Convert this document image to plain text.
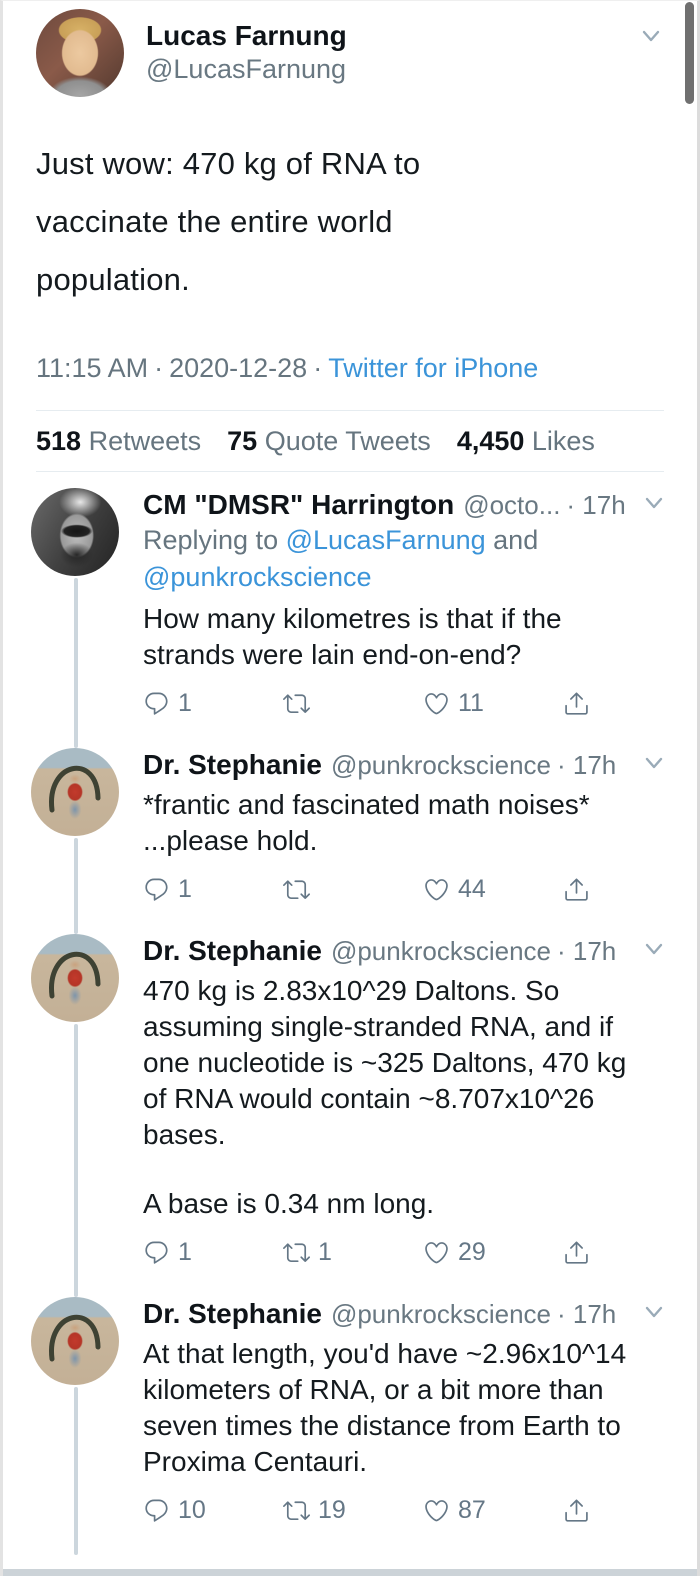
Lucas Farnung
@LucasFarnung
Just wow: 470 kg of RNA to vaccinate the entire world population.
11:15 AM · 2020-12-28 · Twitter for iPhone
518 Retweets 75 Quote Tweets 4,450 Likes
CM "DMSR" Harrington @octo... · 17h
Replying to @LucasFarnung and @punkrockscience

How many kilometres is that if the strands were lain end-on-end?

1	11
Dr. Stephanie @punkrockscience · 17h

*frantic and fascinated math noises* ...please hold.

1	44
Dr. Stephanie @punkrockscience · 17h

470 kg is 2.83x10^29 Daltons. So assuming single-stranded RNA, and if one nucleotide is ~325 Daltons, 470 kg of RNA would contain ~8.707x10^26 bases.

A base is 0.34 nm long.

1	1	29
Dr. Stephanie @punkrockscience · 17h

At that length, you'd have ~2.96x10^14 kilometers of RNA, or a bit more than seven times the distance from Earth to Proxima Centauri.

10	19	87
